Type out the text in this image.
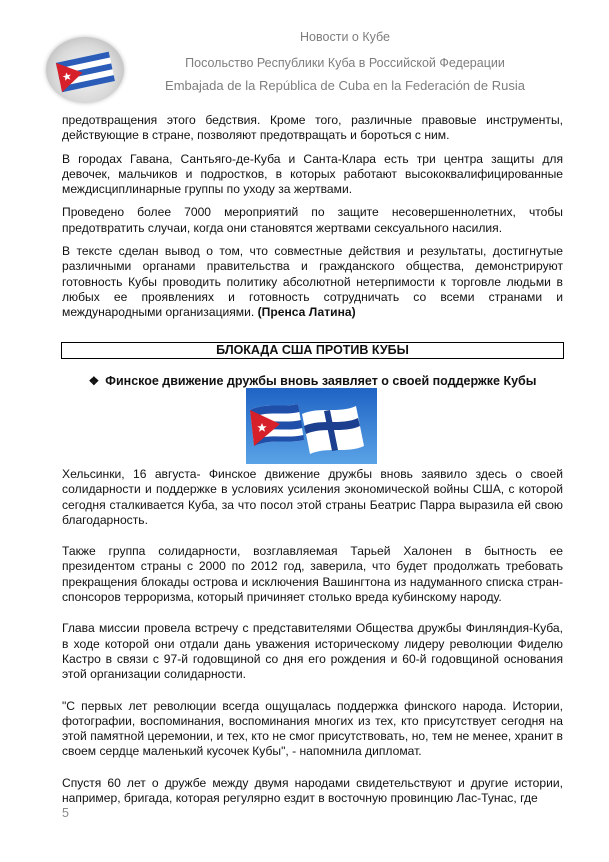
Новости о Кубе
Посольство Республики Куба в Российской Федерации
Embajada de la República de Cuba en la Federación de Rusia

предотвращения этого бедствия. Кроме того, различные правовые инструменты, действующие в стране, позволяют предотвращать и бороться с ним.

В городах Гавана, Сантьяго-де-Куба и Санта-Клара есть три центра защиты для девочек, мальчиков и подростков, в которых работают высококвалифицированные междисциплинарные группы по уходу за жертвами.

Проведено более 7000 мероприятий по защите несовершеннолетних, чтобы предотвратить случаи, когда они становятся жертвами сексуального насилия.

В тексте сделан вывод о том, что совместные действия и результаты, достигнутые различными органами правительства и гражданского общества, демонстрируют готовность Кубы проводить политику абсолютной нетерпимости к торговле людьми в любых ее проявлениях и готовность сотрудничать со всеми странами и международными организациями. (Пренса Латина)

БЛОКАДА США ПРОТИВ КУБЫ
❖ Финское движение дружбы вновь заявляет о своей поддержке Кубы

Хельсинки, 16 августа- Финское движение дружбы вновь заявило здесь о своей солидарности и поддержке в условиях усиления экономической войны США, с которой сегодня сталкивается Куба, за что посол этой страны Беатрис Парра выразила ей свою благодарность.

Также группа солидарности, возглавляемая Тарьей Халонен в бытность ее президентом страны с 2000 по 2012 год, заверила, что будет продолжать требовать прекращения блокады острова и исключения Вашингтона из надуманного списка стран-спонсоров терроризма, который причиняет столько вреда кубинскому народу.

Глава миссии провела встречу с представителями Общества дружбы Финляндия-Куба, в ходе которой они отдали дань уважения историческому лидеру революции Фиделю Кастро в связи с 97-й годовщиной со дня его рождения и 60-й годовщиной основания этой организации солидарности.

"С первых лет революции всегда ощущалась поддержка финского народа. Истории, фотографии, воспоминания, воспоминания многих из тех, кто присутствует сегодня на этой памятной церемонии, и тех, кто не смог присутствовать, но, тем не менее, хранит в своем сердце маленький кусочек Кубы", - напомнила дипломат.

Спустя 60 лет о дружбе между двумя народами свидетельствуют и другие истории, например, бригада, которая регулярно ездит в восточную провинцию Лас-Тунас, где

5
